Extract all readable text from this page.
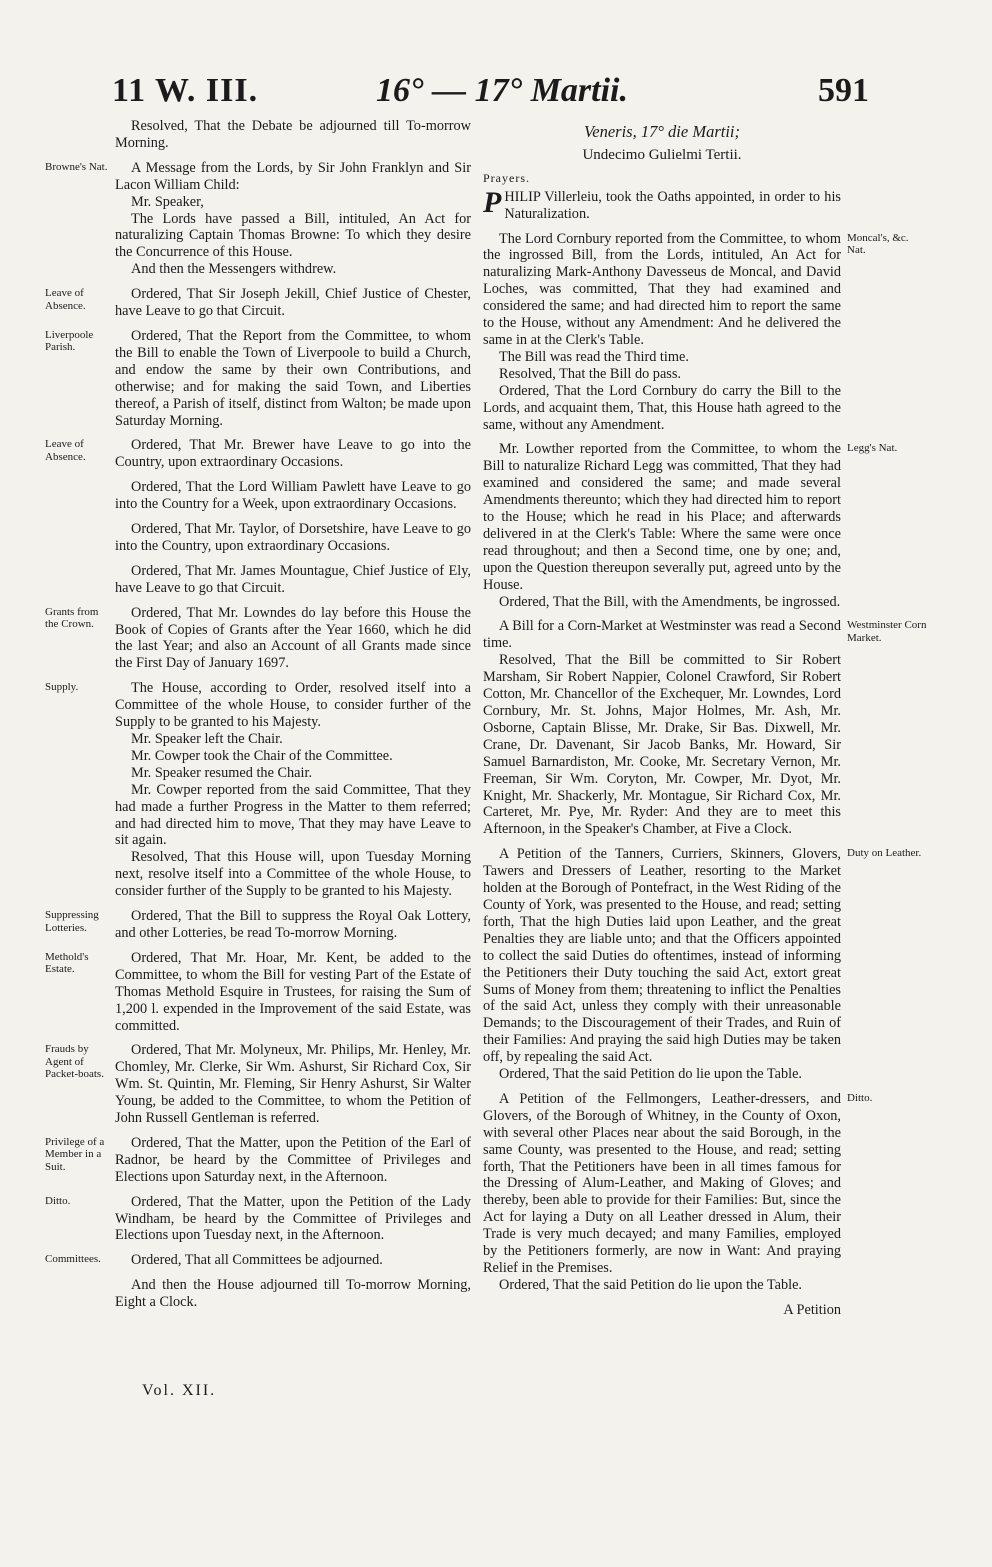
11 W. III.	16° — 17° Martii.	591

Resolved, That the Debate be adjourned till To-morrow Morning.

Browne's Nat.	A Message from the Lords, by Sir John Franklyn and Sir Lacon William Child:

Mr. Speaker,

The Lords have passed a Bill, intituled, An Act for naturalizing Captain Thomas Browne: To which they desire the Concurrence of this House.

And then the Messengers withdrew.

Leave of Absence.

Ordered, That Sir Joseph Jekill, Chief Justice of Chester, have Leave to go that Circuit.

Liverpoole Parish.

Ordered, That the Report from the Committee, to whom the Bill to enable the Town of Liverpoole to build a Church, and endow the same by their own Contributions, and otherwise; and for making the said Town, and Liberties thereof, a Parish of itself, distinct from Walton; be made upon Saturday Morning.

Leave of Absence.

Ordered, That Mr. Brewer have Leave to go into the Country, upon extraordinary Occasions.

Ordered, That the Lord William Pawlett have Leave to go into the Country for a Week, upon extraordinary Occasions.

Ordered, That Mr. Taylor, of Dorsetshire, have Leave to go into the Country, upon extraordinary Occasions.

Ordered, That Mr. James Mountague, Chief Justice of Ely, have Leave to go that Circuit.

Grants from the Crown.

Ordered, That Mr. Lowndes do lay before this House the Book of Copies of Grants after the Year 1660, which he did the last Year; and also an Account of all Grants made since the First Day of January 1697.

Supply.	The House, according to Order, resolved itself into a Committee of the whole House, to consider further of the Supply to be granted to his Majesty.

Mr. Speaker left the Chair.

Mr. Cowper took the Chair of the Committee.

Mr. Speaker resumed the Chair.

Mr. Cowper reported from the said Committee, That they had made a further Progress in the Matter to them referred; and had directed him to move, That they may have Leave to sit again.

Resolved, That this House will, upon Tuesday Morning next, resolve itself into a Committee of the whole House, to consider further of the Supply to be granted to his Majesty.

Suppressing Lotteries.

Ordered, That the Bill to suppress the Royal Oak Lottery, and other Lotteries, be read To-morrow Morning.

Methold's Estate.

Ordered, That Mr. Hoar, Mr. Kent, be added to the Committee, to whom the Bill for vesting Part of the Estate of Thomas Methold Esquire in Trustees, for raising the Sum of 1,200 l. expended in the Improvement of the said Estate, was committed.

Frauds by Agent of Packet-boats.

Ordered, That Mr. Molyneux, Mr. Philips, Mr. Henley, Mr. Chomley, Mr. Clerke, Sir Wm. Ashurst, Sir Richard Cox, Sir Wm. St. Quintin, Mr. Fleming, Sir Henry Ashurst, Sir Walter Young, be added to the Committee, to whom the Petition of John Russell Gentleman is referred.

Privilege of a Member in a Suit.

Ordered, That the Matter, upon the Petition of the Earl of Radnor, be heard by the Committee of Privileges and Elections upon Saturday next, in the Afternoon.

Ditto.	Ordered, That the Matter, upon the Petition of the Lady Windham, be heard by the Committee of Privileges and Elections upon Tuesday next, in the Afternoon.

Committees.	Ordered, That all Committees be adjourned.

And then the House adjourned till To-morrow Morning, Eight a Clock.

Veneris, 17° die Martii;
Undecimo Gulielmi Tertii.
Prayers.
P HILIP Villerleiu, took the Oaths appointed, in order to his Naturalization.

Moncal's, &c. Nat.

The Lord Cornbury reported from the Committee, to whom the ingrossed Bill, from the Lords, intituled, An Act for naturalizing Mark-Anthony Davesseus de Moncal, and David Loches, was committed, That they had examined and considered the same; and had directed him to report the same to the House, without any Amendment: And he delivered the same in at the Clerk's Table.

The Bill was read the Third time.

Resolved, That the Bill do pass.

Ordered, That the Lord Cornbury do carry the Bill to the Lords, and acquaint them, That, this House hath agreed to the same, without any Amendment.

Legg's Nat.

Mr. Lowther reported from the Committee, to whom the Bill to naturalize Richard Legg was committed, That they had examined and considered the same; and made several Amendments thereunto; which they had directed him to report to the House; which he read in his Place; and afterwards delivered in at the Clerk's Table: Where the same were once read throughout; and then a Second time, one by one; and, upon the Question thereupon severally put, agreed unto by the House.

Ordered, That the Bill, with the Amendments, be ingrossed.

Westminster Corn Market.

A Bill for a Corn-Market at Westminster was read a Second time.

Resolved, That the Bill be committed to Sir Robert Marsham, Sir Robert Nappier, Colonel Crawford, Sir Robert Cotton, Mr. Chancellor of the Exchequer, Mr. Lowndes, Lord Cornbury, Mr. St. Johns, Major Holmes, Mr. Ash, Mr. Osborne, Captain Blisse, Mr. Drake, Sir Bas. Dixwell, Mr. Crane, Dr. Davenant, Sir Jacob Banks, Mr. Howard, Sir Samuel Barnardiston, Mr. Cooke, Mr. Secretary Vernon, Mr. Freeman, Sir Wm. Coryton, Mr. Cowper, Mr. Dyot, Mr. Knight, Mr. Shackerly, Mr. Montague, Sir Richard Cox, Mr. Carteret, Mr. Pye, Mr. Ryder: And they are to meet this Afternoon, in the Speaker's Chamber, at Five a Clock.

Duty on Leather.

A Petition of the Tanners, Curriers, Skinners, Glovers, Tawers and Dressers of Leather, resorting to the Market holden at the Borough of Pontefract, in the West Riding of the County of York, was presented to the House, and read; setting forth, That the high Duties laid upon Leather, and the great Penalties they are liable unto; and that the Officers appointed to collect the said Duties do oftentimes, instead of informing the Petitioners their Duty touching the said Act, extort great Sums of Money from them; threatening to inflict the Penalties of the said Act, unless they comply with their unreasonable Demands; to the Discouragement of their Trades, and Ruin of their Families: And praying the said high Duties may be taken off, by repealing the said Act.

Ordered, That the said Petition do lie upon the Table.

Ditto.

A Petition of the Fellmongers, Leather-dressers, and Glovers, of the Borough of Whitney, in the County of Oxon, with several other Places near about the said Borough, in the same County, was presented to the House, and read; setting forth, That the Petitioners have been in all times famous for the Dressing of Alum-Leather, and Making of Gloves; and thereby, been able to provide for their Families: But, since the Act for laying a Duty on all Leather dressed in Alum, their Trade is very much decayed; and many Families, employed by the Petitioners formerly, are now in Want: And praying Relief in the Premises.

Ordered, That the said Petition do lie upon the Table.

A Petition

Vol. XII.
